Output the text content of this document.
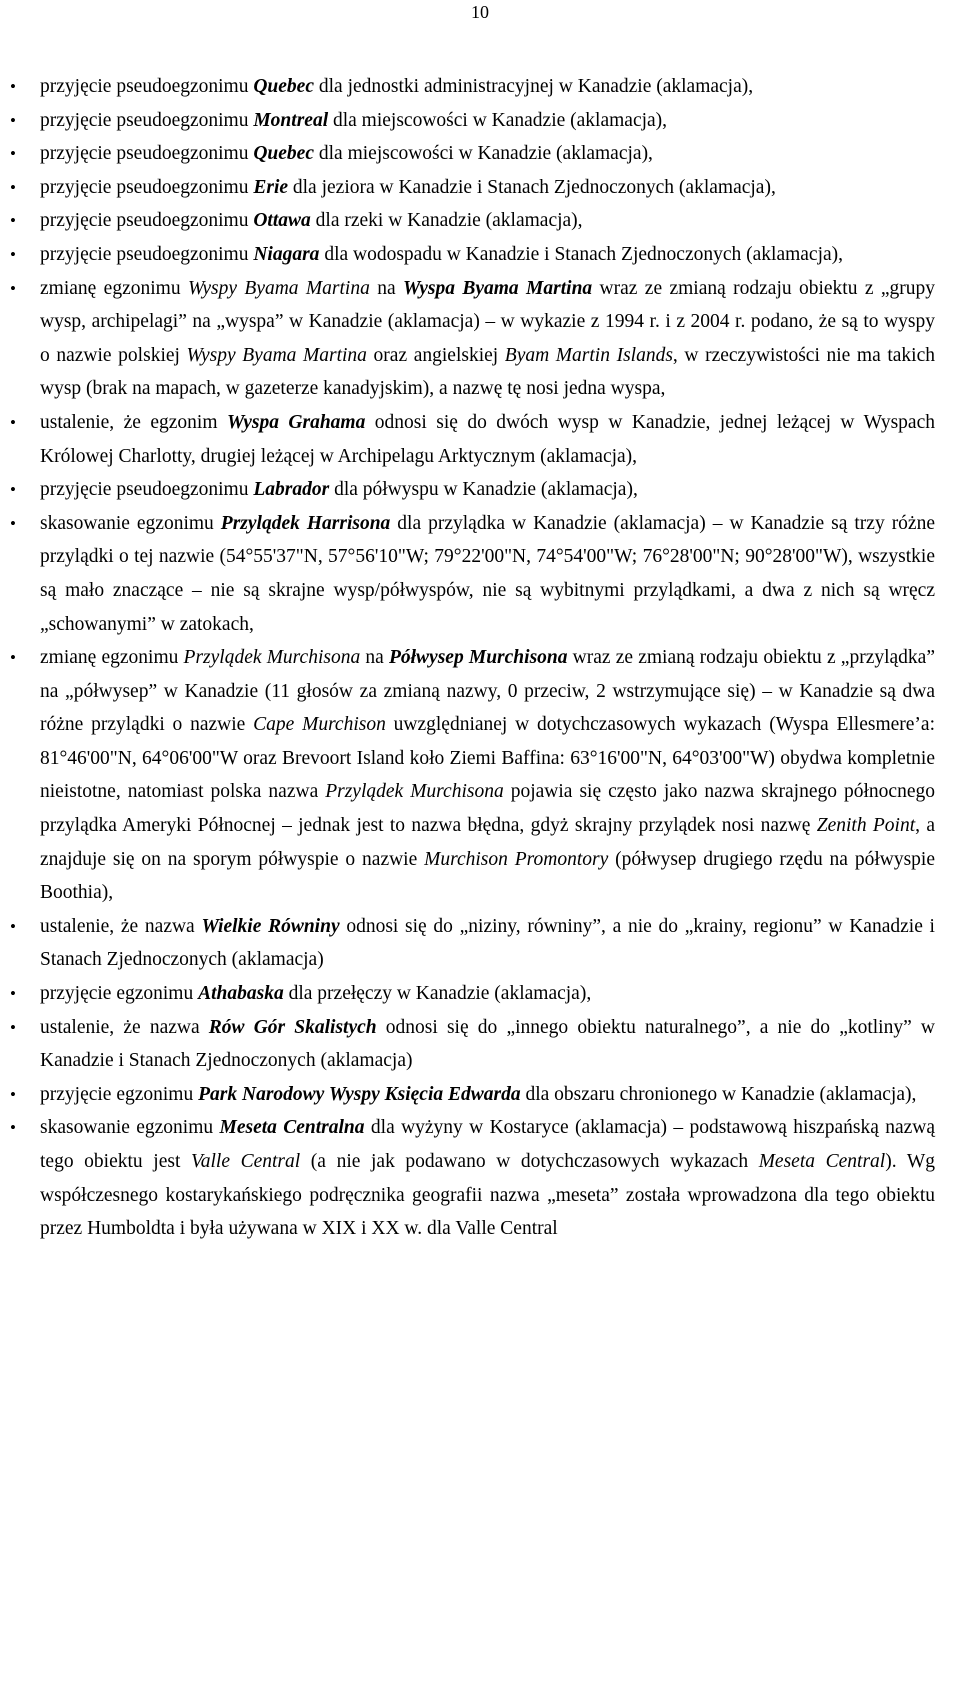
10
• przyjęcie pseudoegzonimu Quebec dla jednostki administracyjnej w Kanadzie (aklamacja),
• przyjęcie pseudoegzonimu Montreal dla miejscowości w Kanadzie (aklamacja),
• przyjęcie pseudoegzonimu Quebec dla miejscowości w Kanadzie (aklamacja),
• przyjęcie pseudoegzonimu Erie dla jeziora w Kanadzie i Stanach Zjednoczonych (aklamacja),
• przyjęcie pseudoegzonimu Ottawa dla rzeki w Kanadzie (aklamacja),
• przyjęcie pseudoegzonimu Niagara dla wodospadu w Kanadzie i Stanach Zjednoczonych (aklamacja),
• zmianę egzonimu Wyspy Byama Martina na Wyspa Byama Martina wraz ze zmianą rodzaju obiektu z „grupy wysp, archipelagi” na „wyspa” w Kanadzie (aklamacja) – w wykazie z 1994 r. i z 2004 r. podano, że są to wyspy o nazwie polskiej Wyspy Byama Martina oraz angielskiej Byam Martin Islands, w rzeczywistości nie ma takich wysp (brak na mapach, w gazeterze kanadyjskim), a nazwę tę nosi jedna wyspa,
• ustalenie, że egzonim Wyspa Grahama odnosi się do dwóch wysp w Kanadzie, jednej leżącej w Wyspach Królowej Charlotty, drugiej leżącej w Archipelagu Arktycznym (aklamacja),
• przyjęcie pseudoegzonimu Labrador dla półwyspu w Kanadzie (aklamacja),
• skasowanie egzonimu Przylądek Harrisona dla przylądka w Kanadzie (aklamacja) – w Kanadzie są trzy różne przylądki o tej nazwie (54°55'37"N, 57°56'10"W; 79°22'00"N, 74°54'00"W; 76°28'00"N; 90°28'00"W), wszystkie są mało znaczące – nie są skrajne wysp/półwyspów, nie są wybitnymi przylądkami, a dwa z nich są wręcz „schowanymi” w zatokach,
• zmianę egzonimu Przylądek Murchisona na Półwysep Murchisona wraz ze zmianą rodzaju obiektu z „przylądka” na „półwysep” w Kanadzie (11 głosów za zmianą nazwy, 0 przeciw, 2 wstrzymujące się) – w Kanadzie są dwa różne przylądki o nazwie Cape Murchison uwzględnianej w dotychczasowych wykazach (Wyspa Ellesmere’a: 81°46'00"N, 64°06'00"W oraz Brevoort Island koło Ziemi Baffina: 63°16'00"N, 64°03'00"W) obydwa kompletnie nieistotne, natomiast polska nazwa Przylądek Murchisona pojawia się często jako nazwa skrajnego północnego przylądka Ameryki Północnej – jednak jest to nazwa błędna, gdyż skrajny przylądek nosi nazwę Zenith Point, a znajduje się on na sporym półwyspie o nazwie Murchison Promontory (półwysep drugiego rzędu na półwyspie Boothia),
• ustalenie, że nazwa Wielkie Równiny odnosi się do „niziny, równiny”, a nie do „krainy, regionu” w Kanadzie i Stanach Zjednoczonych (aklamacja)
• przyjęcie egzonimu Athabaska dla przełęczy w Kanadzie (aklamacja),
• ustalenie, że nazwa Rów Gór Skalistych odnosi się do „innego obiektu naturalnego”, a nie do „kotliny” w Kanadzie i Stanach Zjednoczonych (aklamacja)
• przyjęcie egzonimu Park Narodowy Wyspy Księcia Edwarda dla obszaru chronionego w Kanadzie (aklamacja),
• skasowanie egzonimu Meseta Centralna dla wyżyny w Kostaryce (aklamacja) – podstawową hiszpańską nazwą tego obiektu jest Valle Central (a nie jak podawano w dotychczasowych wykazach Meseta Central). Wg współczesnego kostarykańskiego podręcznika geografii nazwa „meseta” została wprowadzona dla tego obiektu przez Humboldta i była używana w XIX i XX w. dla Valle Central
